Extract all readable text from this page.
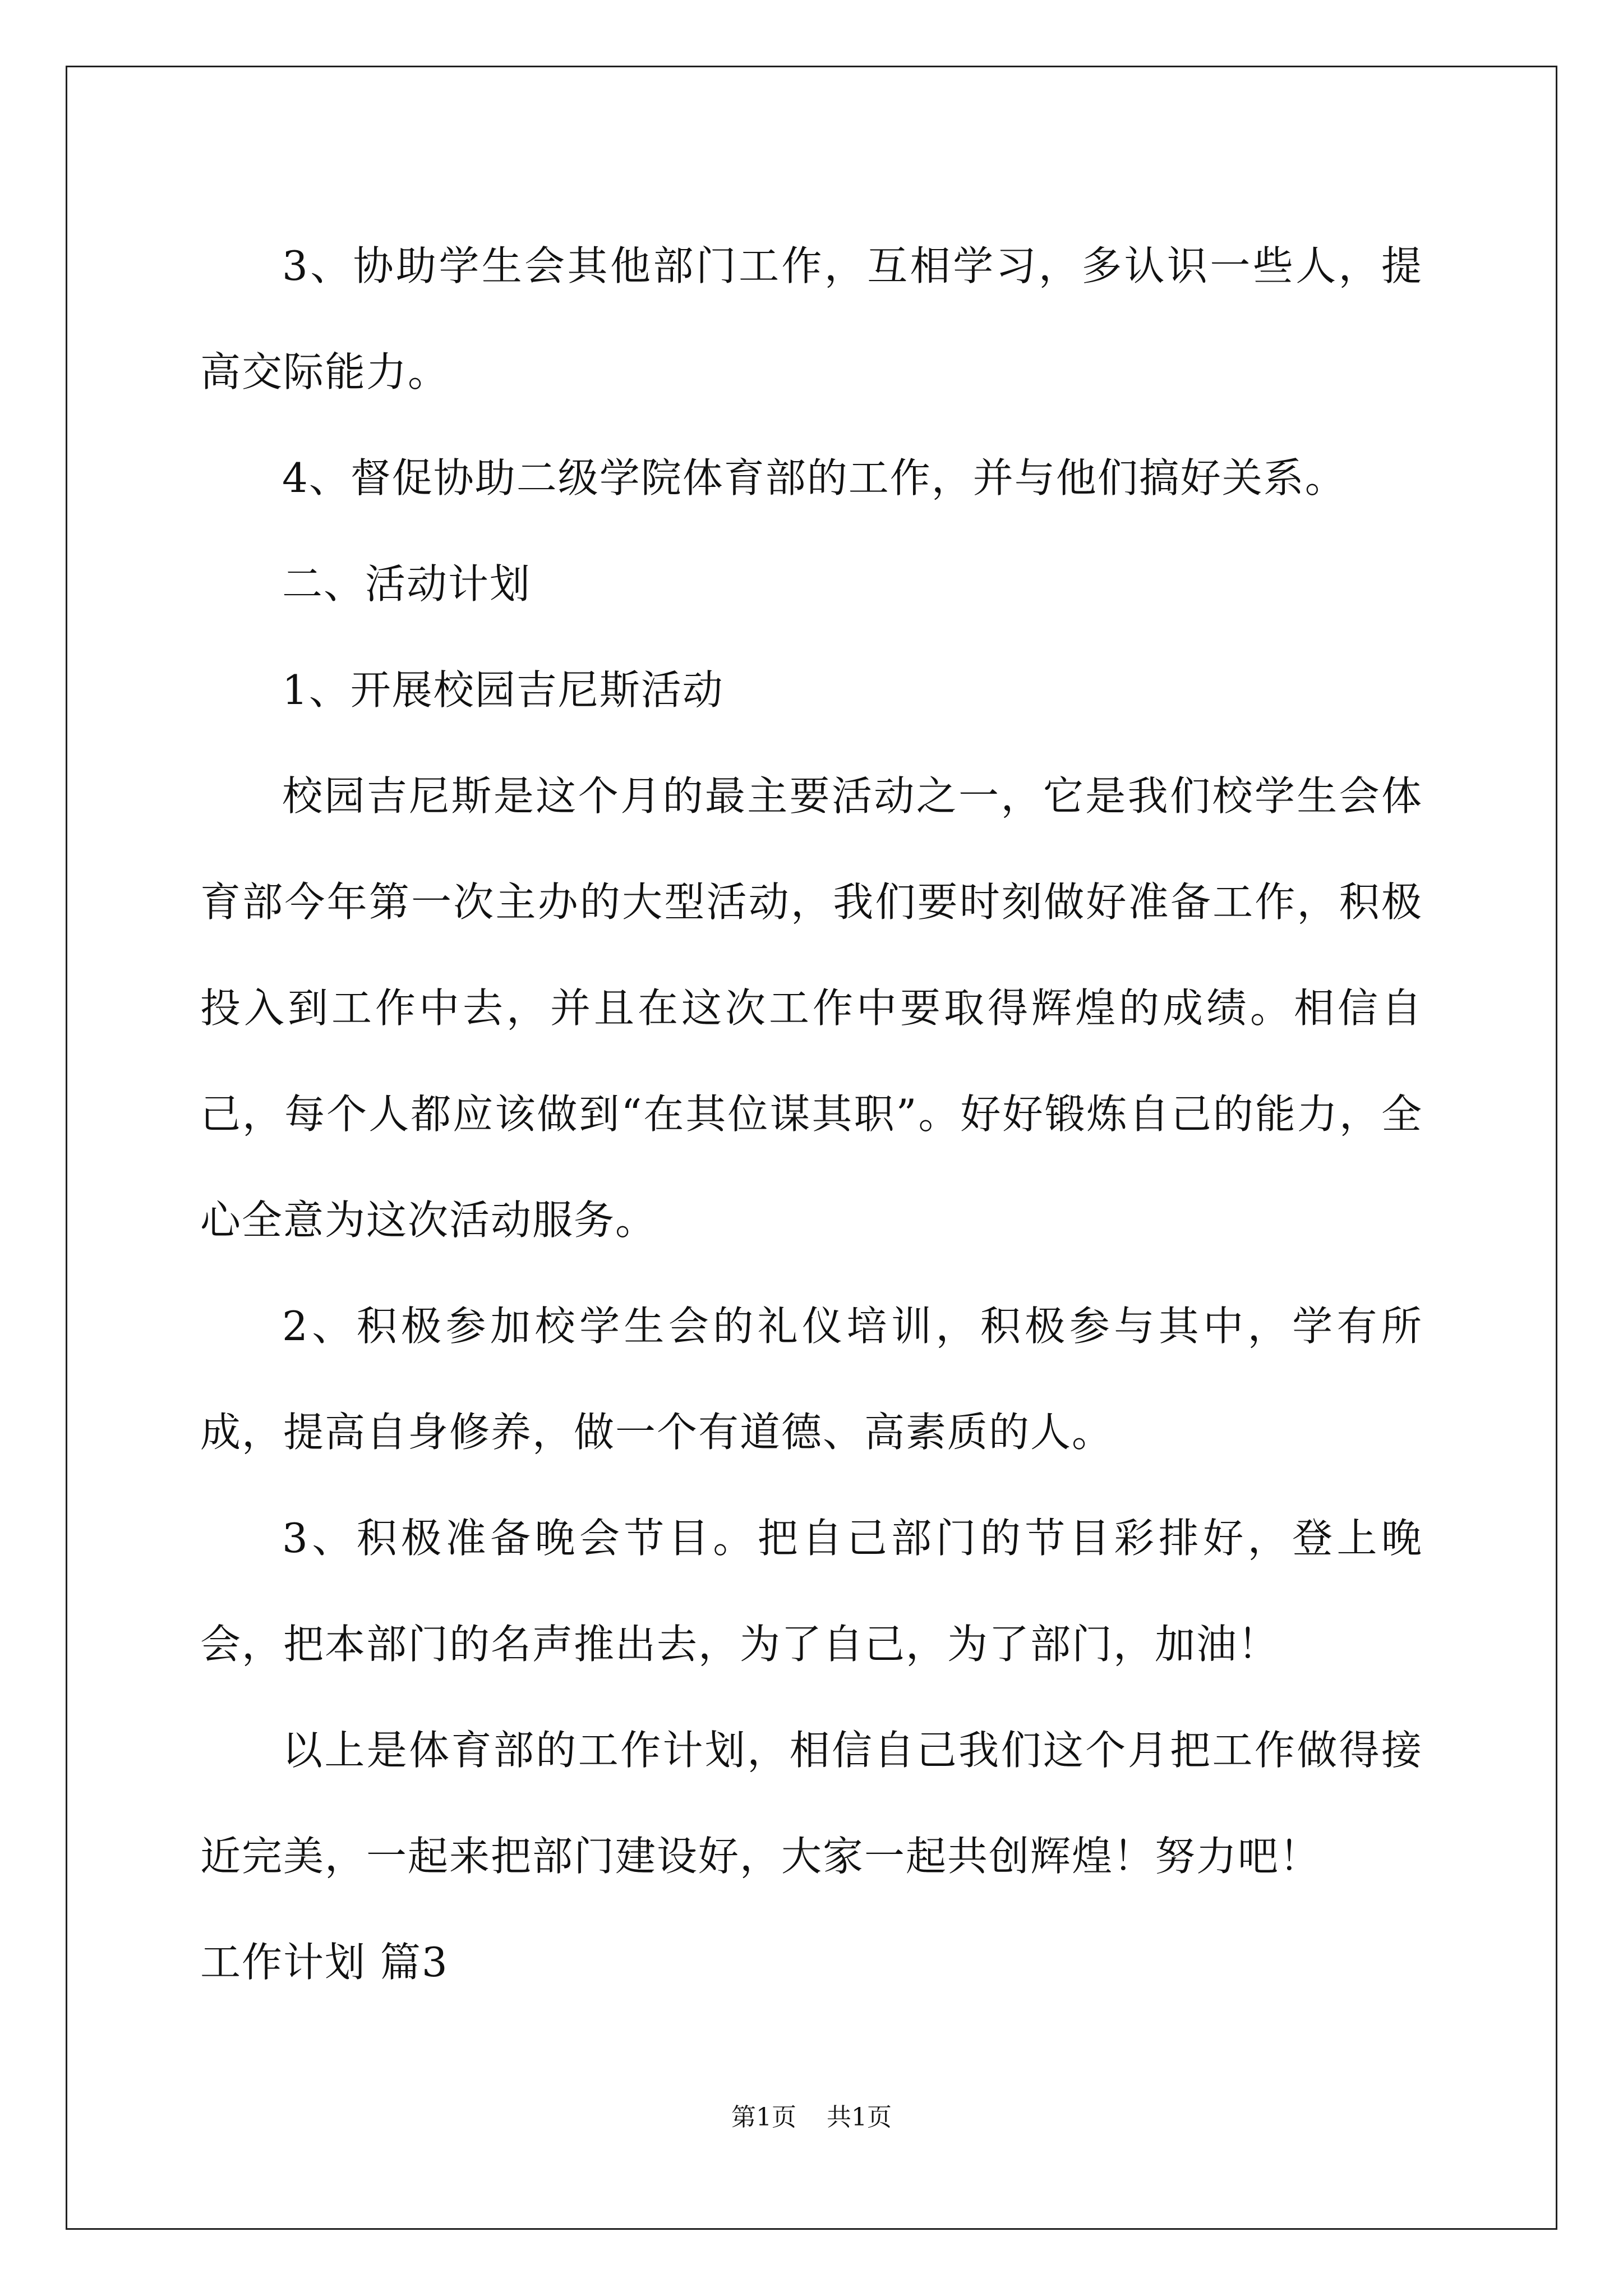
3、协助学生会其他部门工作，互相学习，多认识一些人，提高交际能力。

4、督促协助二级学院体育部的工作，并与他们搞好关系。

二、活动计划

1、开展校园吉尼斯活动

校园吉尼斯是这个月的最主要活动之一，它是我们校学生会体育部今年第一次主办的大型活动，我们要时刻做好准备工作，积极投入到工作中去，并且在这次工作中要取得辉煌的成绩。相信自己，每个人都应该做到“在其位谋其职”。好好锻炼自己的能力，全心全意为这次活动服务。

2、积极参加校学生会的礼仪培训，积极参与其中，学有所成，提高自身修养，做一个有道德、高素质的人。

3、积极准备晚会节目。把自己部门的节目彩排好，登上晚会，把本部门的名声推出去，为了自己，为了部门，加油！

以上是体育部的工作计划，相信自己我们这个月把工作做得接近完美，一起来把部门建设好，大家一起共创辉煌！努力吧！

工作计划 篇3

第1页 共1页
